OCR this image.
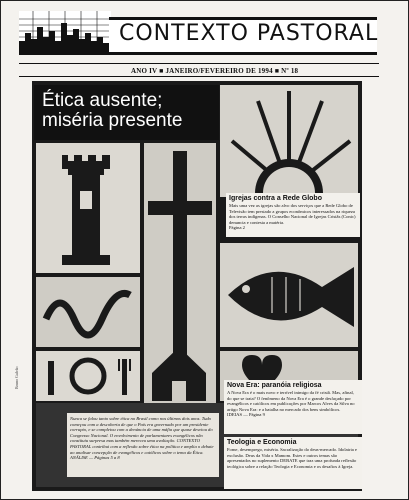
CONTEXTO PASTORAL
ANO IV ■ JANEIRO/FEVEREIRO DE 1994 ■ Nº 18
Ética ausente;
miséria presente
Igrejas contra a Rede Globo

Mais uma vez as igrejas são alvo dos serviços que a Rede Globo de Televisão tem prestado a grupos econômicos interessados na riqueza dos terras indígenas. O Conselho Nacional de Igrejas Cristãs (Conic) denuncia e contesta a matéria.

Página 2
Nova Era: paranóia religiosa

A Nova Era é o mais novo e terrível inimigo da fé cristã. Mas, afinal, do que se trata? O fenômeno da Nova Era é o grande desfaçado por evangélicos e católicos em publicações por Marcos Alves da Silva no artigo Nova Era: e a batalha no mercado dos bens simbólicos.

IDEIAS — Página 9
Teologia e Economia

Fome, desemprego, miséria. Sacralização do deus-mercado. Idolatria e exclusão. Deus da Vida x Mamom. Estes e outros temas são apresentados no suplemento DEBATE que traz uma profunda reflexão teológica sobre a relação Teologia e Economia e os desafios à Igreja.

Nunca se falou tanto sobre ética no Brasil como nos últimos dois anos. Tudo começou com a descoberta de que o País era governado por um presidente corrupto, e se completou com a denúncia de uma máfia que quase desviou do Congresso Nacional. O envolvimento de parlamentares evangélicos não constituiu surpresa mas também mereceu uma avaliação. CONTEXTO PASTORAL contribui com a reflexão sobre ética na política e amplia o debate ao analisar concepção de evangélicos e católicos sobre o tema da Ética.

ANÁLISE — Páginas 5 a 8
Bruno Galvão
